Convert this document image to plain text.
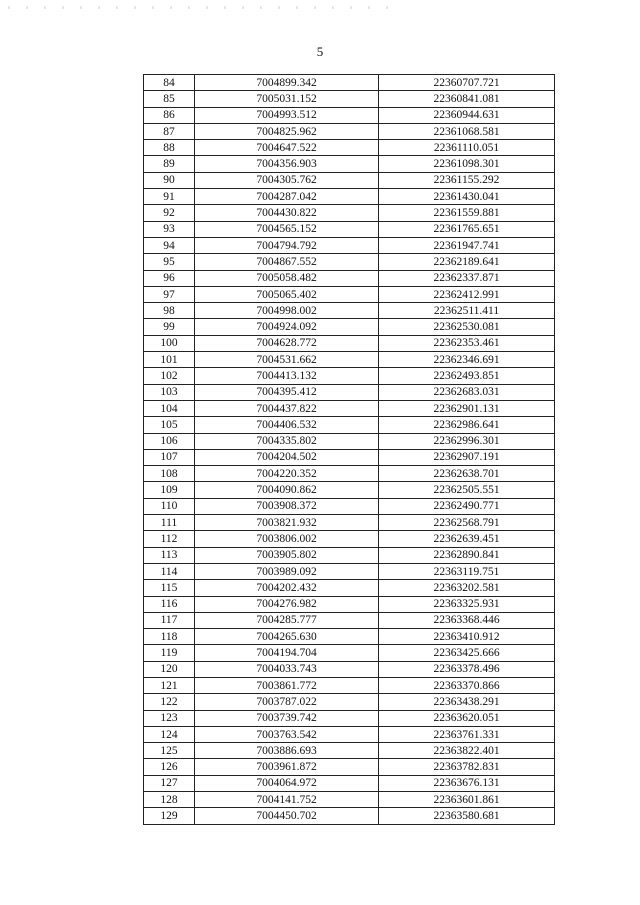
5
84	7004899.342	22360707.721
85	7005031.152	22360841.081
86	7004993.512	22360944.631
87	7004825.962	22361068.581
88	7004647.522	22361110.051
89	7004356.903	22361098.301
90	7004305.762	22361155.292
91	7004287.042	22361430.041
92	7004430.822	22361559.881
93	7004565.152	22361765.651
94	7004794.792	22361947.741
95	7004867.552	22362189.641
96	7005058.482	22362337.871
97	7005065.402	22362412.991
98	7004998.002	22362511.411
99	7004924.092	22362530.081
100	7004628.772	22362353.461
101	7004531.662	22362346.691
102	7004413.132	22362493.851
103	7004395.412	22362683.031
104	7004437.822	22362901.131
105	7004406.532	22362986.641
106	7004335.802	22362996.301
107	7004204.502	22362907.191
108	7004220.352	22362638.701
109	7004090.862	22362505.551
110	7003908.372	22362490.771
111	7003821.932	22362568.791
112	7003806.002	22362639.451
113	7003905.802	22362890.841
114	7003989.092	22363119.751
115	7004202.432	22363202.581
116	7004276.982	22363325.931
117	7004285.777	22363368.446
118	7004265.630	22363410.912
119	7004194.704	22363425.666
120	7004033.743	22363378.496
121	7003861.772	22363370.866
122	7003787.022	22363438.291
123	7003739.742	22363620.051
124	7003763.542	22363761.331
125	7003886.693	22363822.401
126	7003961.872	22363782.831
127	7004064.972	22363676.131
128	7004141.752	22363601.861
129	7004450.702	22363580.681
